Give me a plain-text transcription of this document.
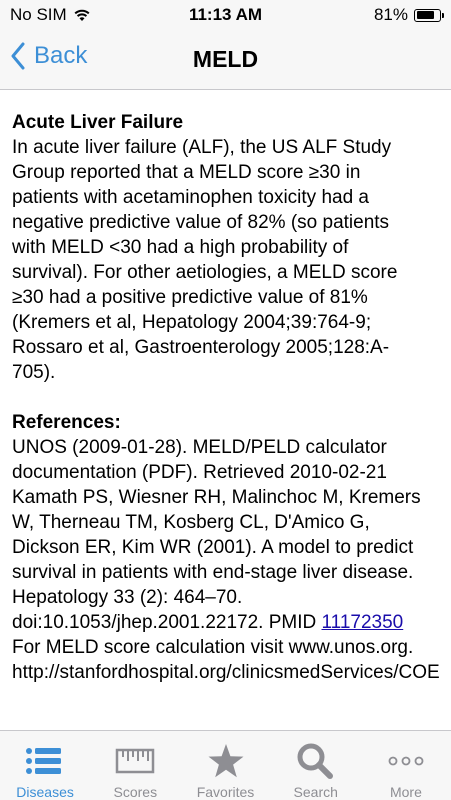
No SIM	11:13 AM	81%
Back	MELD
Acute Liver Failure
In acute liver failure (ALF), the US ALF Study
Group reported that a MELD score ≥30 in
patients with acetaminophen toxicity had a
negative predictive value of 82% (so patients
with MELD <30 had a high probability of
survival). For other aetiologies, a MELD score
≥30 had a positive predictive value of 81%
(Kremers et al, Hepatology 2004;39:764-9;
Rossaro et al, Gastroenterology 2005;128:A-
705).
References:
UNOS (2009-01-28). MELD/PELD calculator
documentation (PDF). Retrieved 2010-02-21
Kamath PS, Wiesner RH, Malinchoc M, Kremers
W, Therneau TM, Kosberg CL, D'Amico G,
Dickson ER, Kim WR (2001). A model to predict
survival in patients with end-stage liver disease.
Hepatology 33 (2): 464–70.
doi:10.1053/jhep.2001.22172. PMID 11172350
For MELD score calculation visit www.unos.org.
http://stanfordhospital.org/clinicsmedServices/COE
Diseases	Scores	Favorites	Search	More
